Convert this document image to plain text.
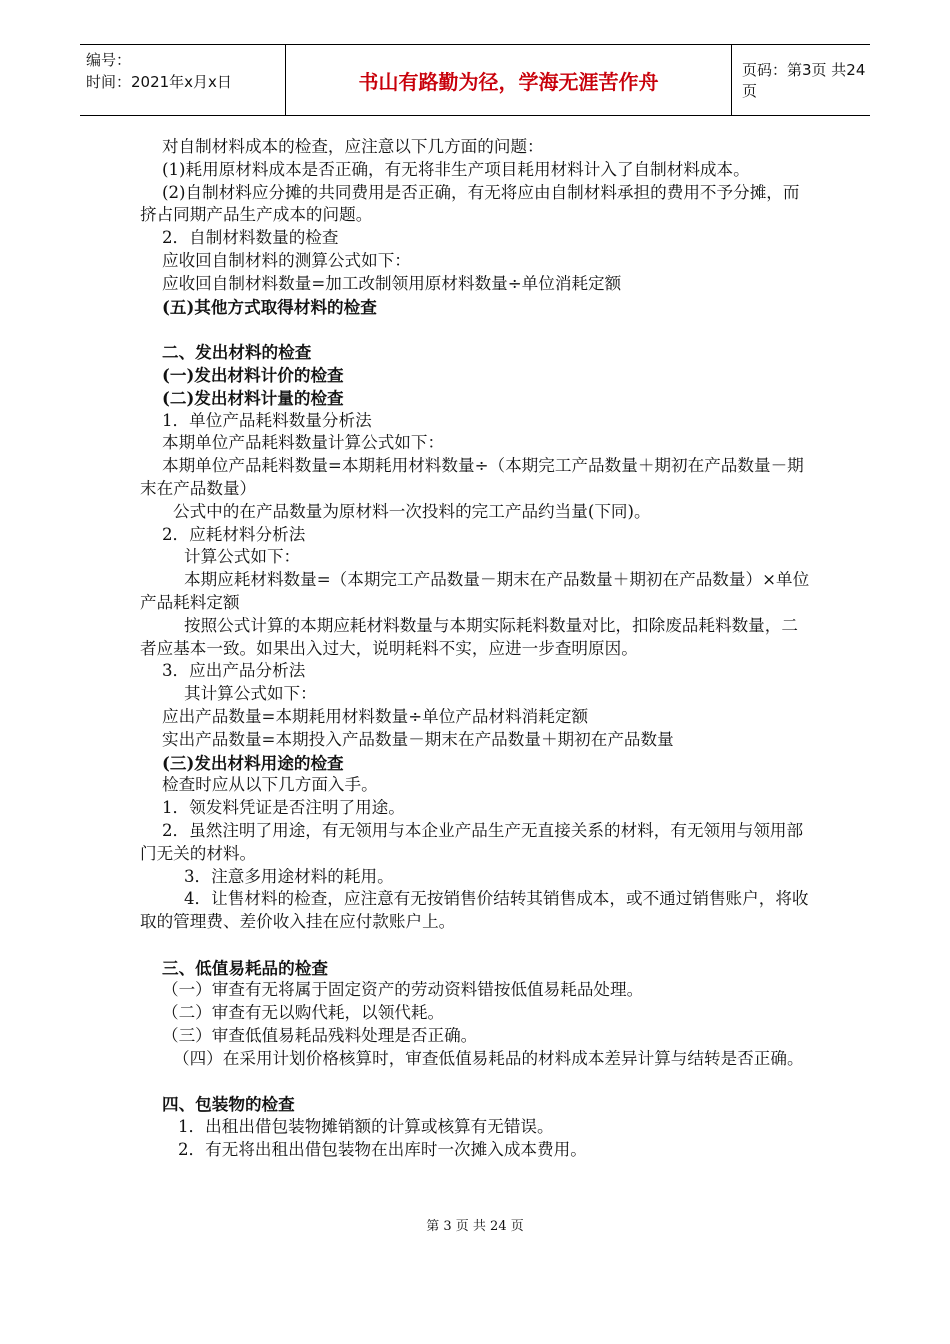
编号：
时间：2021年x月x日	书山有路勤为径，学海无涯苦作舟	页码：第3页 共24页

对自制材料成本的检查，应注意以下几方面的问题：

(1)耗用原材料成本是否正确，有无将非生产项目耗用材料计入了自制材料成本。

(2)自制材料应分摊的共同费用是否正确，有无将应由自制材料承担的费用不予分摊，而挤占同期产品生产成本的问题。

2．自制材料数量的检查

应收回自制材料的测算公式如下：

应收回自制材料数量=加工改制领用原材料数量÷单位消耗定额

(五)其他方式取得材料的检查

二、发出材料的检查

(一)发出材料计价的检查

(二)发出材料计量的检查

1．单位产品耗料数量分析法

本期单位产品耗料数量计算公式如下：

本期单位产品耗料数量=本期耗用材料数量÷（本期完工产品数量＋期初在产品数量－期末在产品数量）

公式中的在产品数量为原材料一次投料的完工产品约当量(下同)。

2．应耗材料分析法

计算公式如下：

本期应耗材料数量=（本期完工产品数量－期末在产品数量＋期初在产品数量）×单位产品耗料定额

按照公式计算的本期应耗材料数量与本期实际耗料数量对比，扣除废品耗料数量，二者应基本一致。如果出入过大，说明耗料不实，应进一步查明原因。

3．应出产品分析法

其计算公式如下：

应出产品数量=本期耗用材料数量÷单位产品材料消耗定额

实出产品数量=本期投入产品数量－期末在产品数量＋期初在产品数量

(三)发出材料用途的检查

检查时应从以下几方面入手。

1．领发料凭证是否注明了用途。

2．虽然注明了用途，有无领用与本企业产品生产无直接关系的材料，有无领用与领用部门无关的材料。

3．注意多用途材料的耗用。

4．让售材料的检查，应注意有无按销售价结转其销售成本，或不通过销售账户，将收取的管理费、差价收入挂在应付款账户上。

三、低值易耗品的检查

（一）审查有无将属于固定资产的劳动资料错按低值易耗品处理。

（二）审查有无以购代耗，以领代耗。

（三）审查低值易耗品残料处理是否正确。

（四）在采用计划价格核算时，审查低值易耗品的材料成本差异计算与结转是否正确。

四、包装物的检查

1．出租出借包装物摊销额的计算或核算有无错误。

2．有无将出租出借包装物在出库时一次摊入成本费用。

第 3 页 共 24 页
